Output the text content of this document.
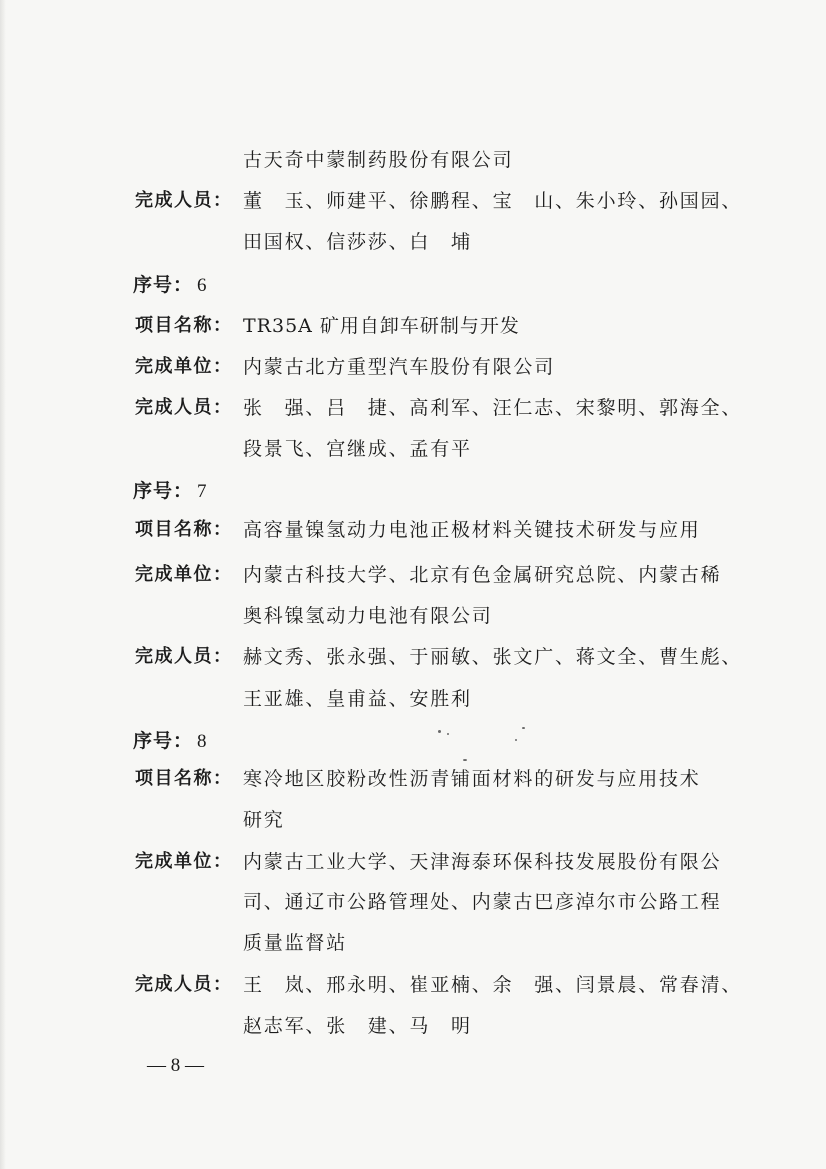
古天奇中蒙制药股份有限公司
完成人员： 董　玉、师建平、徐鹏程、宝　山、朱小玲、孙国园、
田国权、信莎莎、白　埔
序号： 6
项目名称： TR35A 矿用自卸车研制与开发
完成单位： 内蒙古北方重型汽车股份有限公司
完成人员： 张　强、吕　捷、高利军、汪仁志、宋黎明、郭海全、
段景飞、宫继成、孟有平
序号： 7
项目名称： 高容量镍氢动力电池正极材料关键技术研发与应用
完成单位： 内蒙古科技大学、北京有色金属研究总院、内蒙古稀
奥科镍氢动力电池有限公司
完成人员： 赫文秀、张永强、于丽敏、张文广、蒋文全、曹生彪、
王亚雄、皇甫益、安胜利
序号： 8
项目名称： 寒冷地区胶粉改性沥青铺面材料的研发与应用技术
研究
完成单位： 内蒙古工业大学、天津海泰环保科技发展股份有限公
司、通辽市公路管理处、内蒙古巴彦淖尔市公路工程
质量监督站
完成人员： 王　岚、邢永明、崔亚楠、余　强、闫景晨、常春清、
赵志军、张　建、马　明
— 8 —
